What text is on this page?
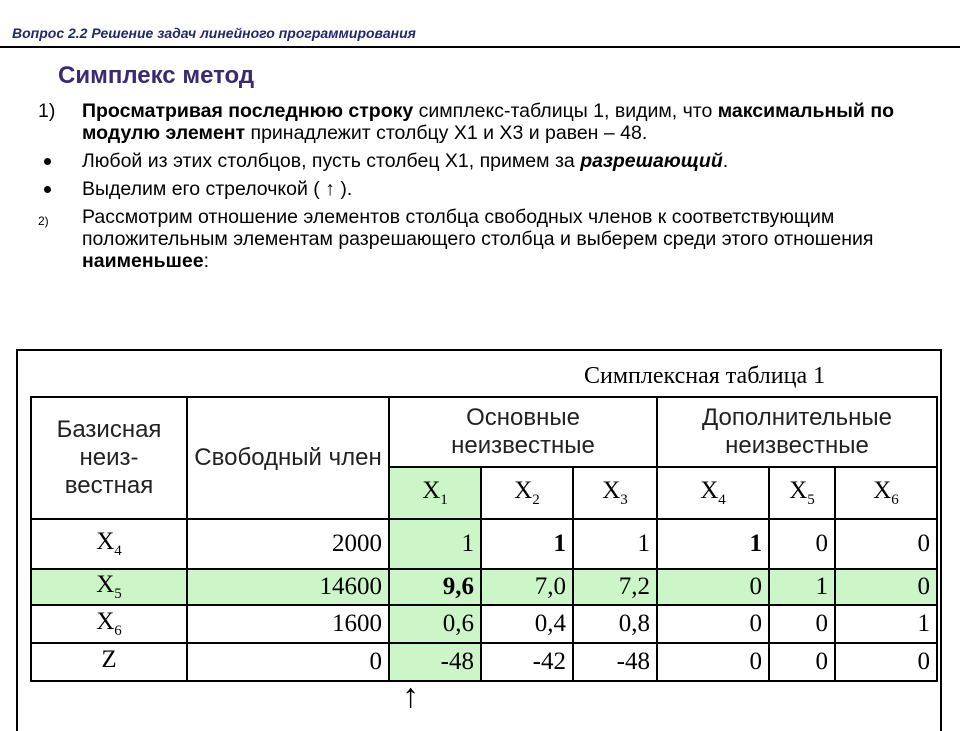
Вопрос 2.2 Решение задач линейного программирования
Симплекс метод
1) Просматривая последнюю строку симплекс-таблицы 1, видим, что максимальный по модулю элемент принадлежит столбцу Х1 и Х3 и равен – 48.
Любой из этих столбцов, пусть столбец Х1, примем за разрешающий.
Выделим его стрелочкой ( ↑ ).
2) Рассмотрим отношение элементов столбца свободных членов к соответствующим положительным элементам разрешающего столбца и выберем среди этого отношения наименьшее:
Симплексная таблица 1
Базисная неиз-вестная	Свободный член	Основные неизвестные			Дополнительные неизвестные		
		$X_1$	$X_2$	$X_3$	$X_4$	$X_5$	$X_6$
$X_4$	2000	1	1	1	1	0	0
$X_5$	14600	9,6	7,0	7,2	0	1	0
$X_6$	1600	0,6	0,4	0,8	0	0	1
Z	0	-48	-42	-48	0	0	0
↑
